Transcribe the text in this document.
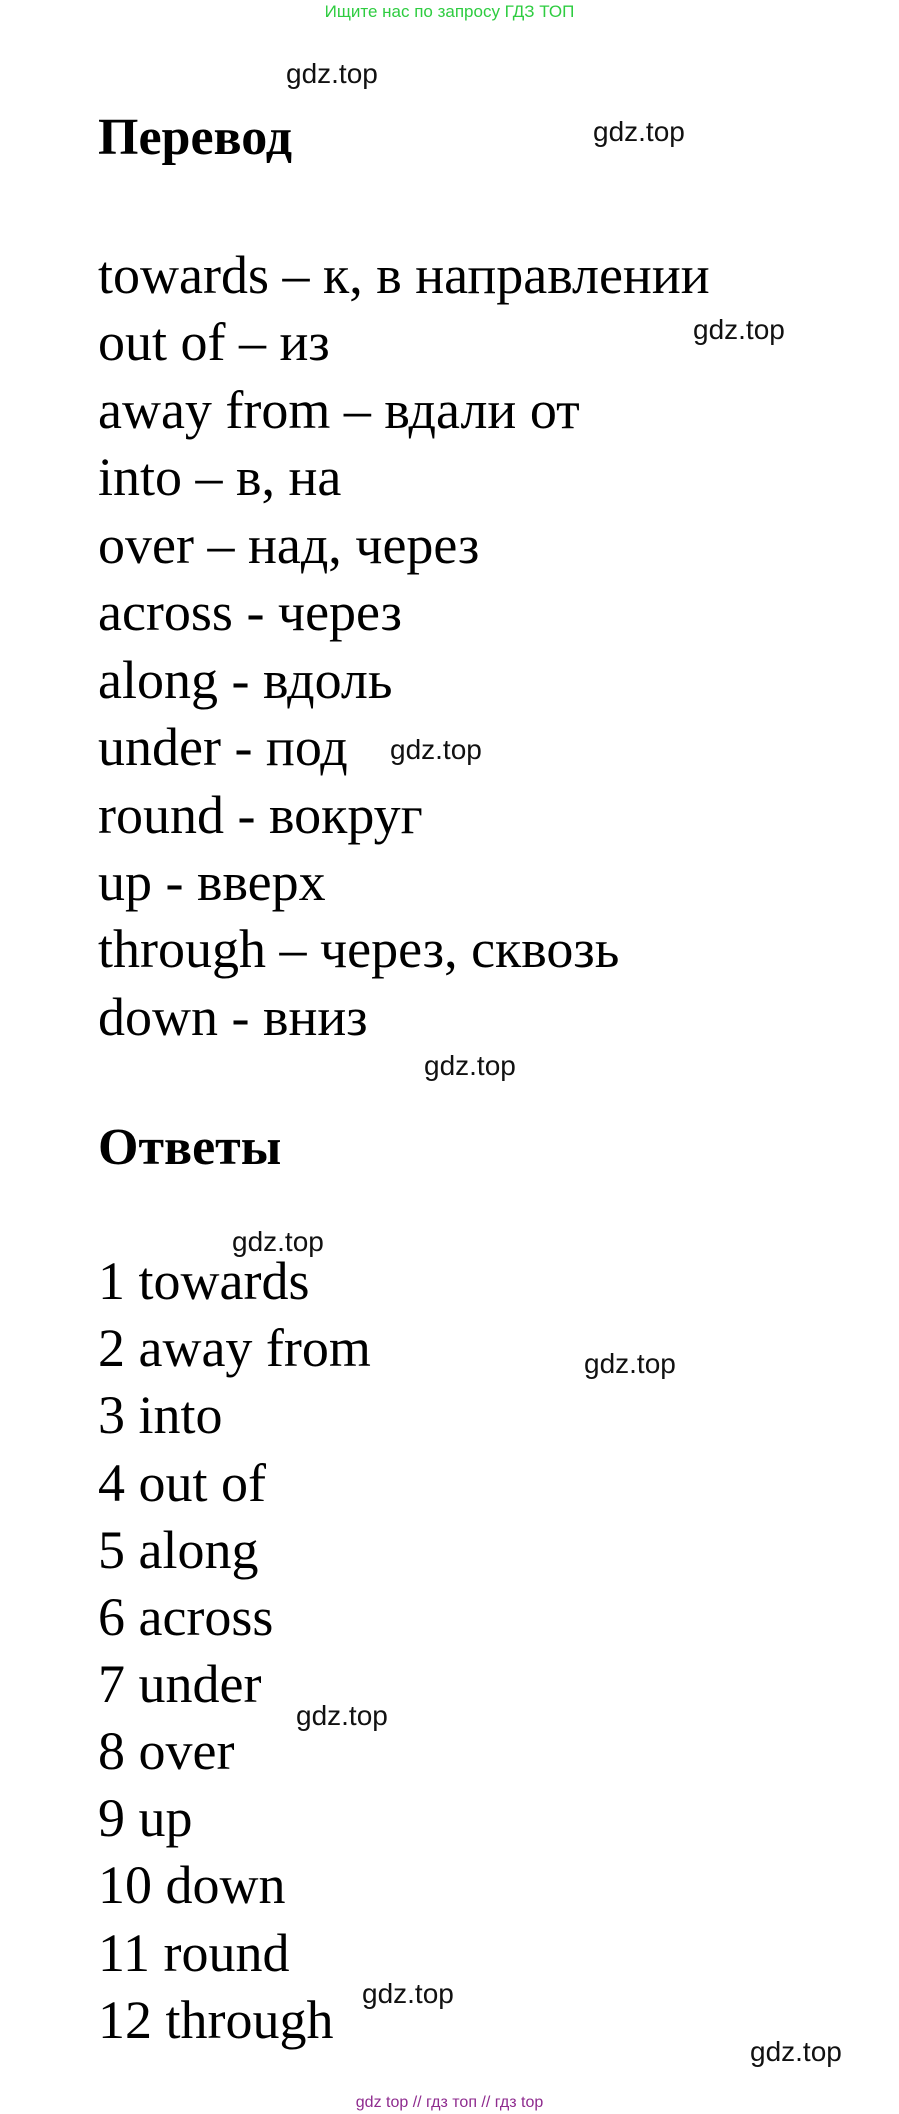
Ищите нас по запросу ГДЗ ТОП
gdz.top
gdz.top
gdz.top
gdz.top
gdz.top
gdz.top
gdz.top
gdz.top
gdz.top
gdz.top
Перевод
towards – к, в направлении
out of – из
away from – вдали от
into – в, на
over – над, через
across - через
along - вдоль
under - под
round - вокруг
up - вверх
through – через, сквозь
down - вниз
Ответы
1 towards
2 away from
3 into
4 out of
5 along
6 across
7 under
8 over
9 up
10 down
11 round
12 through
gdz top // гдз топ // гдз top
